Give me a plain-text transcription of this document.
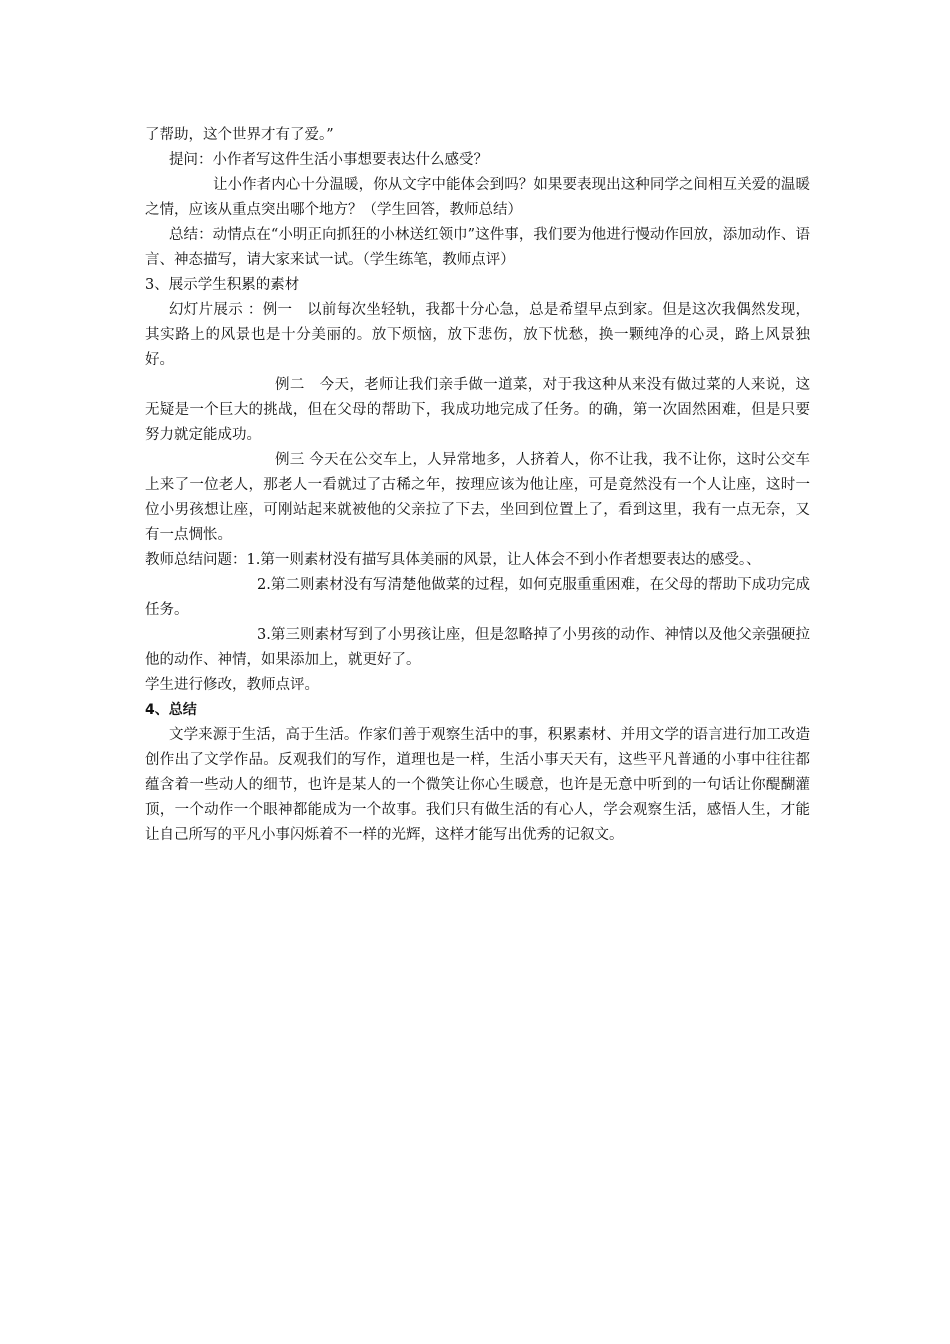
了帮助，这个世界才有了爱。”

提问：小作者写这件生活小事想要表达什么感受？

让小作者内心十分温暖，你从文字中能体会到吗？如果要表现出这种同学之间相互关爱的温暖之情，应该从重点突出哪个地方？（学生回答，教师总结）

总结：动情点在“小明正向抓狂的小林送红领巾”这件事，我们要为他进行慢动作回放，添加动作、语言、神态描写，请大家来试一试。（学生练笔，教师点评）

3、展示学生积累的素材

幻灯片展示 ：例一　以前每次坐轻轨，我都十分心急，总是希望早点到家。但是这次我偶然发现，其实路上的风景也是十分美丽的。放下烦恼，放下悲伤，放下忧愁，换一颗纯净的心灵，路上风景独好。

例二　今天，老师让我们亲手做一道菜，对于我这种从来没有做过菜的人来说，这无疑是一个巨大的挑战，但在父母的帮助下，我成功地完成了任务。的确，第一次固然困难，但是只要努力就定能成功。

例三 今天在公交车上，人异常地多，人挤着人，你不让我，我不让你，这时公交车上来了一位老人，那老人一看就过了古稀之年，按理应该为他让座，可是竟然没有一个人让座，这时一位小男孩想让座，可刚站起来就被他的父亲拉了下去，坐回到位置上了，看到这里，我有一点无奈，又有一点惆怅。

教师总结问题：1.第一则素材没有描写具体美丽的风景，让人体会不到小作者想要表达的感受。、

2.第二则素材没有写清楚他做菜的过程，如何克服重重困难，在父母的帮助下成功完成任务。

3.第三则素材写到了小男孩让座，但是忽略掉了小男孩的动作、神情以及他父亲强硬拉他的动作、神情，如果添加上，就更好了。

学生进行修改，教师点评。

4、总结

文学来源于生活，高于生活。作家们善于观察生活中的事，积累素材、并用文学的语言进行加工改造创作出了文学作品。反观我们的写作，道理也是一样，生活小事天天有，这些平凡普通的小事中往往都蕴含着一些动人的细节，也许是某人的一个微笑让你心生暖意，也许是无意中听到的一句话让你醍醐灌顶，一个动作一个眼神都能成为一个故事。我们只有做生活的有心人，学会观察生活，感悟人生，才能让自己所写的平凡小事闪烁着不一样的光辉，这样才能写出优秀的记叙文。
